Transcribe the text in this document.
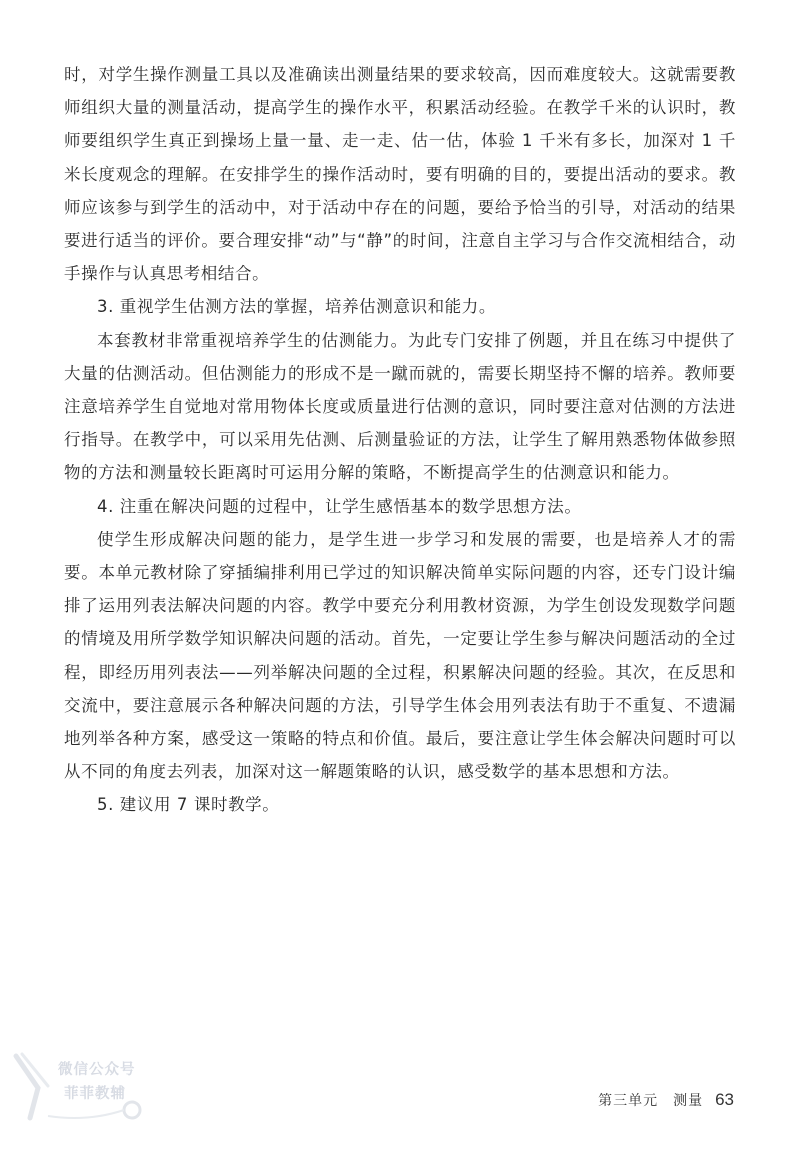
时，对学生操作测量工具以及准确读出测量结果的要求较高，因而难度较大。这就需要教师组织大量的测量活动，提高学生的操作水平，积累活动经验。在教学千米的认识时，教师要组织学生真正到操场上量一量、走一走、估一估，体验 1 千米有多长，加深对 1 千米长度观念的理解。在安排学生的操作活动时，要有明确的目的，要提出活动的要求。教师应该参与到学生的活动中，对于活动中存在的问题，要给予恰当的引导，对活动的结果要进行适当的评价。要合理安排“动”与“静”的时间，注意自主学习与合作交流相结合，动手操作与认真思考相结合。

3. 重视学生估测方法的掌握，培养估测意识和能力。

本套教材非常重视培养学生的估测能力。为此专门安排了例题，并且在练习中提供了大量的估测活动。但估测能力的形成不是一蹴而就的，需要长期坚持不懈的培养。教师要注意培养学生自觉地对常用物体长度或质量进行估测的意识，同时要注意对估测的方法进行指导。在教学中，可以采用先估测、后测量验证的方法，让学生了解用熟悉物体做参照物的方法和测量较长距离时可运用分解的策略，不断提高学生的估测意识和能力。

4. 注重在解决问题的过程中，让学生感悟基本的数学思想方法。

使学生形成解决问题的能力，是学生进一步学习和发展的需要，也是培养人才的需要。本单元教材除了穿插编排利用已学过的知识解决简单实际问题的内容，还专门设计编排了运用列表法解决问题的内容。教学中要充分利用教材资源，为学生创设发现数学问题的情境及用所学数学知识解决问题的活动。首先，一定要让学生参与解决问题活动的全过程，即经历用列表法——列举解决问题的全过程，积累解决问题的经验。其次，在反思和交流中，要注意展示各种解决问题的方法，引导学生体会用列表法有助于不重复、不遗漏地列举各种方案，感受这一策略的特点和价值。最后，要注意让学生体会解决问题时可以从不同的角度去列表，加深对这一解题策略的认识，感受数学的基本思想和方法。

5. 建议用 7 课时教学。

微信公众号
菲菲教辅	第三单元　测量 63
